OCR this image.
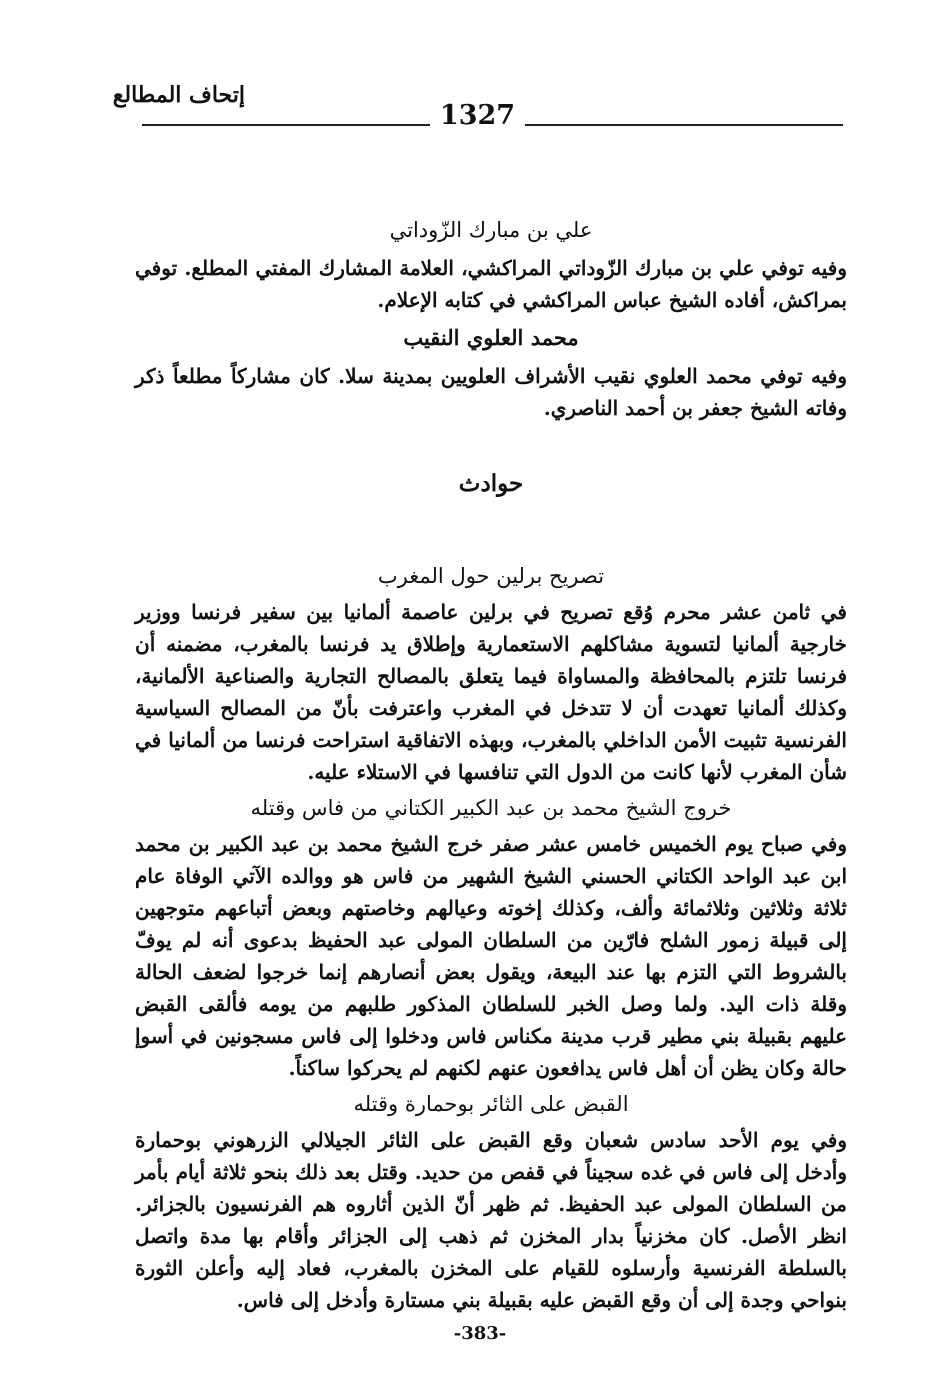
إتحاف المطالع
1327
علي بن مبارك الزّوداتي

وفيه توفي علي بن مبارك الزّوداتي المراكشي، العلامة المشارك المفتي المطلع. توفي بمراكش، أفاده الشيخ عباس المراكشي في كتابه الإعلام.

محمد العلوي النقيب

وفيه توفي محمد العلوي نقيب الأشراف العلويين بمدينة سلا. كان مشاركاً مطلعاً ذكر وفاته الشيخ جعفر بن أحمد الناصري.

حوادث
تصريح برلين حول المغرب

في ثامن عشر محرم وُقع تصريح في برلين عاصمة ألمانيا بين سفير فرنسا ووزير خارجية ألمانيا لتسوية مشاكلهم الاستعمارية وإطلاق يد فرنسا بالمغرب، مضمنه أن فرنسا تلتزم بالمحافظة والمساواة فيما يتعلق بالمصالح التجارية والصناعية الألمانية، وكذلك ألمانيا تعهدت أن لا تتدخل في المغرب واعترفت بأنّ من المصالح السياسية الفرنسية تثبيت الأمن الداخلي بالمغرب، وبهذه الاتفاقية استراحت فرنسا من ألمانيا في شأن المغرب لأنها كانت من الدول التي تنافسها في الاستلاء عليه.

خروج الشيخ محمد بن عبد الكبير الكتاني من فاس وقتله

وفي صباح يوم الخميس خامس عشر صفر خرج الشيخ محمد بن عبد الكبير بن محمد ابن عبد الواحد الكتاني الحسني الشيخ الشهير من فاس هو ووالده الآتي الوفاة عام ثلاثة وثلاثين وثلاثمائة وألف، وكذلك إخوته وعيالهم وخاصتهم وبعض أتباعهم متوجهين إلى قبيلة زمور الشلح فارّين من السلطان المولى عبد الحفيظ بدعوى أنه لم يوفّ بالشروط التي التزم بها عند البيعة، ويقول بعض أنصارهم إنما خرجوا لضعف الحالة وقلة ذات اليد. ولما وصل الخبر للسلطان المذكور طلبهم من يومه فألقى القبض عليهم بقبيلة بني مطير قرب مدينة مكناس فاس ودخلوا إلى فاس مسجونين في أسوإ حالة وكان يظن أن أهل فاس يدافعون عنهم لكنهم لم يحركوا ساكناً.

القبض على الثائر بوحمارة وقتله

وفي يوم الأحد سادس شعبان وقع القبض على الثائر الجيلالي الزرهوني بوحمارة وأدخل إلى فاس في غده سجيناً في قفص من حديد. وقتل بعد ذلك بنحو ثلاثة أيام بأمر من السلطان المولى عبد الحفيظ. ثم ظهر أنّ الذين أثاروه هم الفرنسيون بالجزائر. انظر الأصل. كان مخزنياً بدار المخزن ثم ذهب إلى الجزائر وأقام بها مدة واتصل بالسلطة الفرنسية وأرسلوه للقيام على المخزن بالمغرب، فعاد إليه وأعلن الثورة بنواحي وجدة إلى أن وقع القبض عليه بقبيلة بني مستارة وأدخل إلى فاس.

-383-
